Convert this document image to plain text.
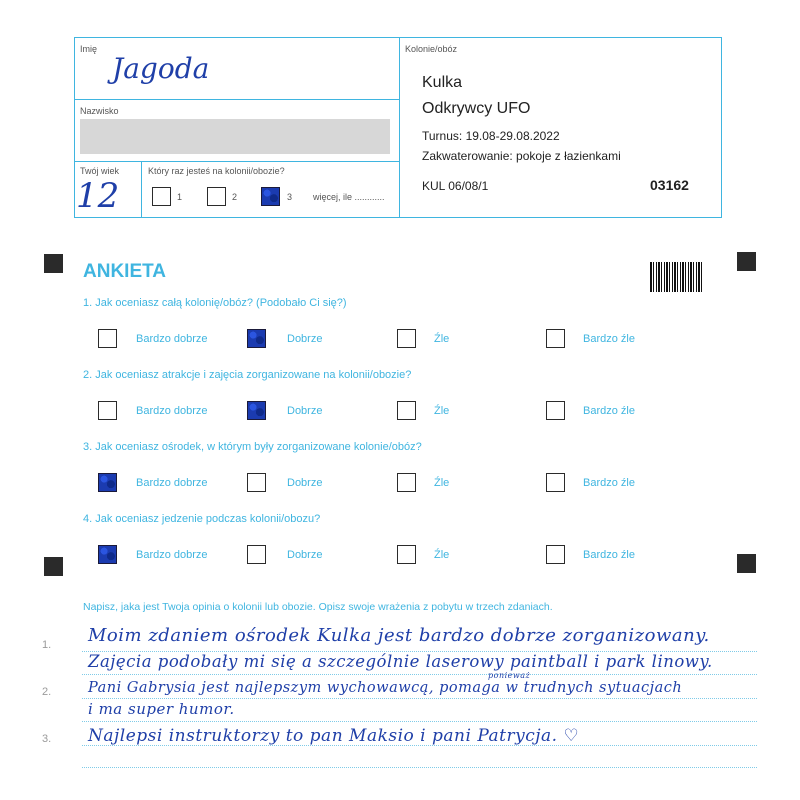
Imię
Jagoda
Nazwisko
Twój wiek
12
Który raz jesteś na kolonii/obozie?
1	2	3 więcej, ile ............
Kolonie/obóz
Kulka
Odkrywcy UFO
Turnus: 19.08-29.08.2022
Zakwaterowanie: pokoje z łazienkami
KUL 06/08/1	03162
ANKIETA
1. Jak oceniasz całą kolonię/obóz? (Podobało Ci się?)
Bardzo dobrze	Dobrze	Źle	Bardzo źle
2. Jak oceniasz atrakcje i zajęcia zorganizowane na kolonii/obozie?
Bardzo dobrze	Dobrze	Źle	Bardzo źle
3. Jak oceniasz ośrodek, w którym były zorganizowane kolonie/obóz?
Bardzo dobrze	Dobrze	Źle	Bardzo źle
4. Jak oceniasz jedzenie podczas kolonii/obozu?
Bardzo dobrze	Dobrze	Źle	Bardzo źle
Napisz, jaka jest Twoja opinia o kolonii lub obozie. Opisz swoje wrażenia z pobytu w trzech zdaniach.
1.
2.
3.
Moim zdaniem ośrodek Kulka jest bardzo dobrze zorganizowany.
Zajęcia podobały mi się a szczególnie laserowy paintball i park linowy.
Pani Gabrysia jest najlepszym wychowawcą, pomaga w trudnych sytuacjach
ponieważ
i ma super humor.
Najlepsi instruktorzy to pan Maksio i pani Patrycja. ♡
